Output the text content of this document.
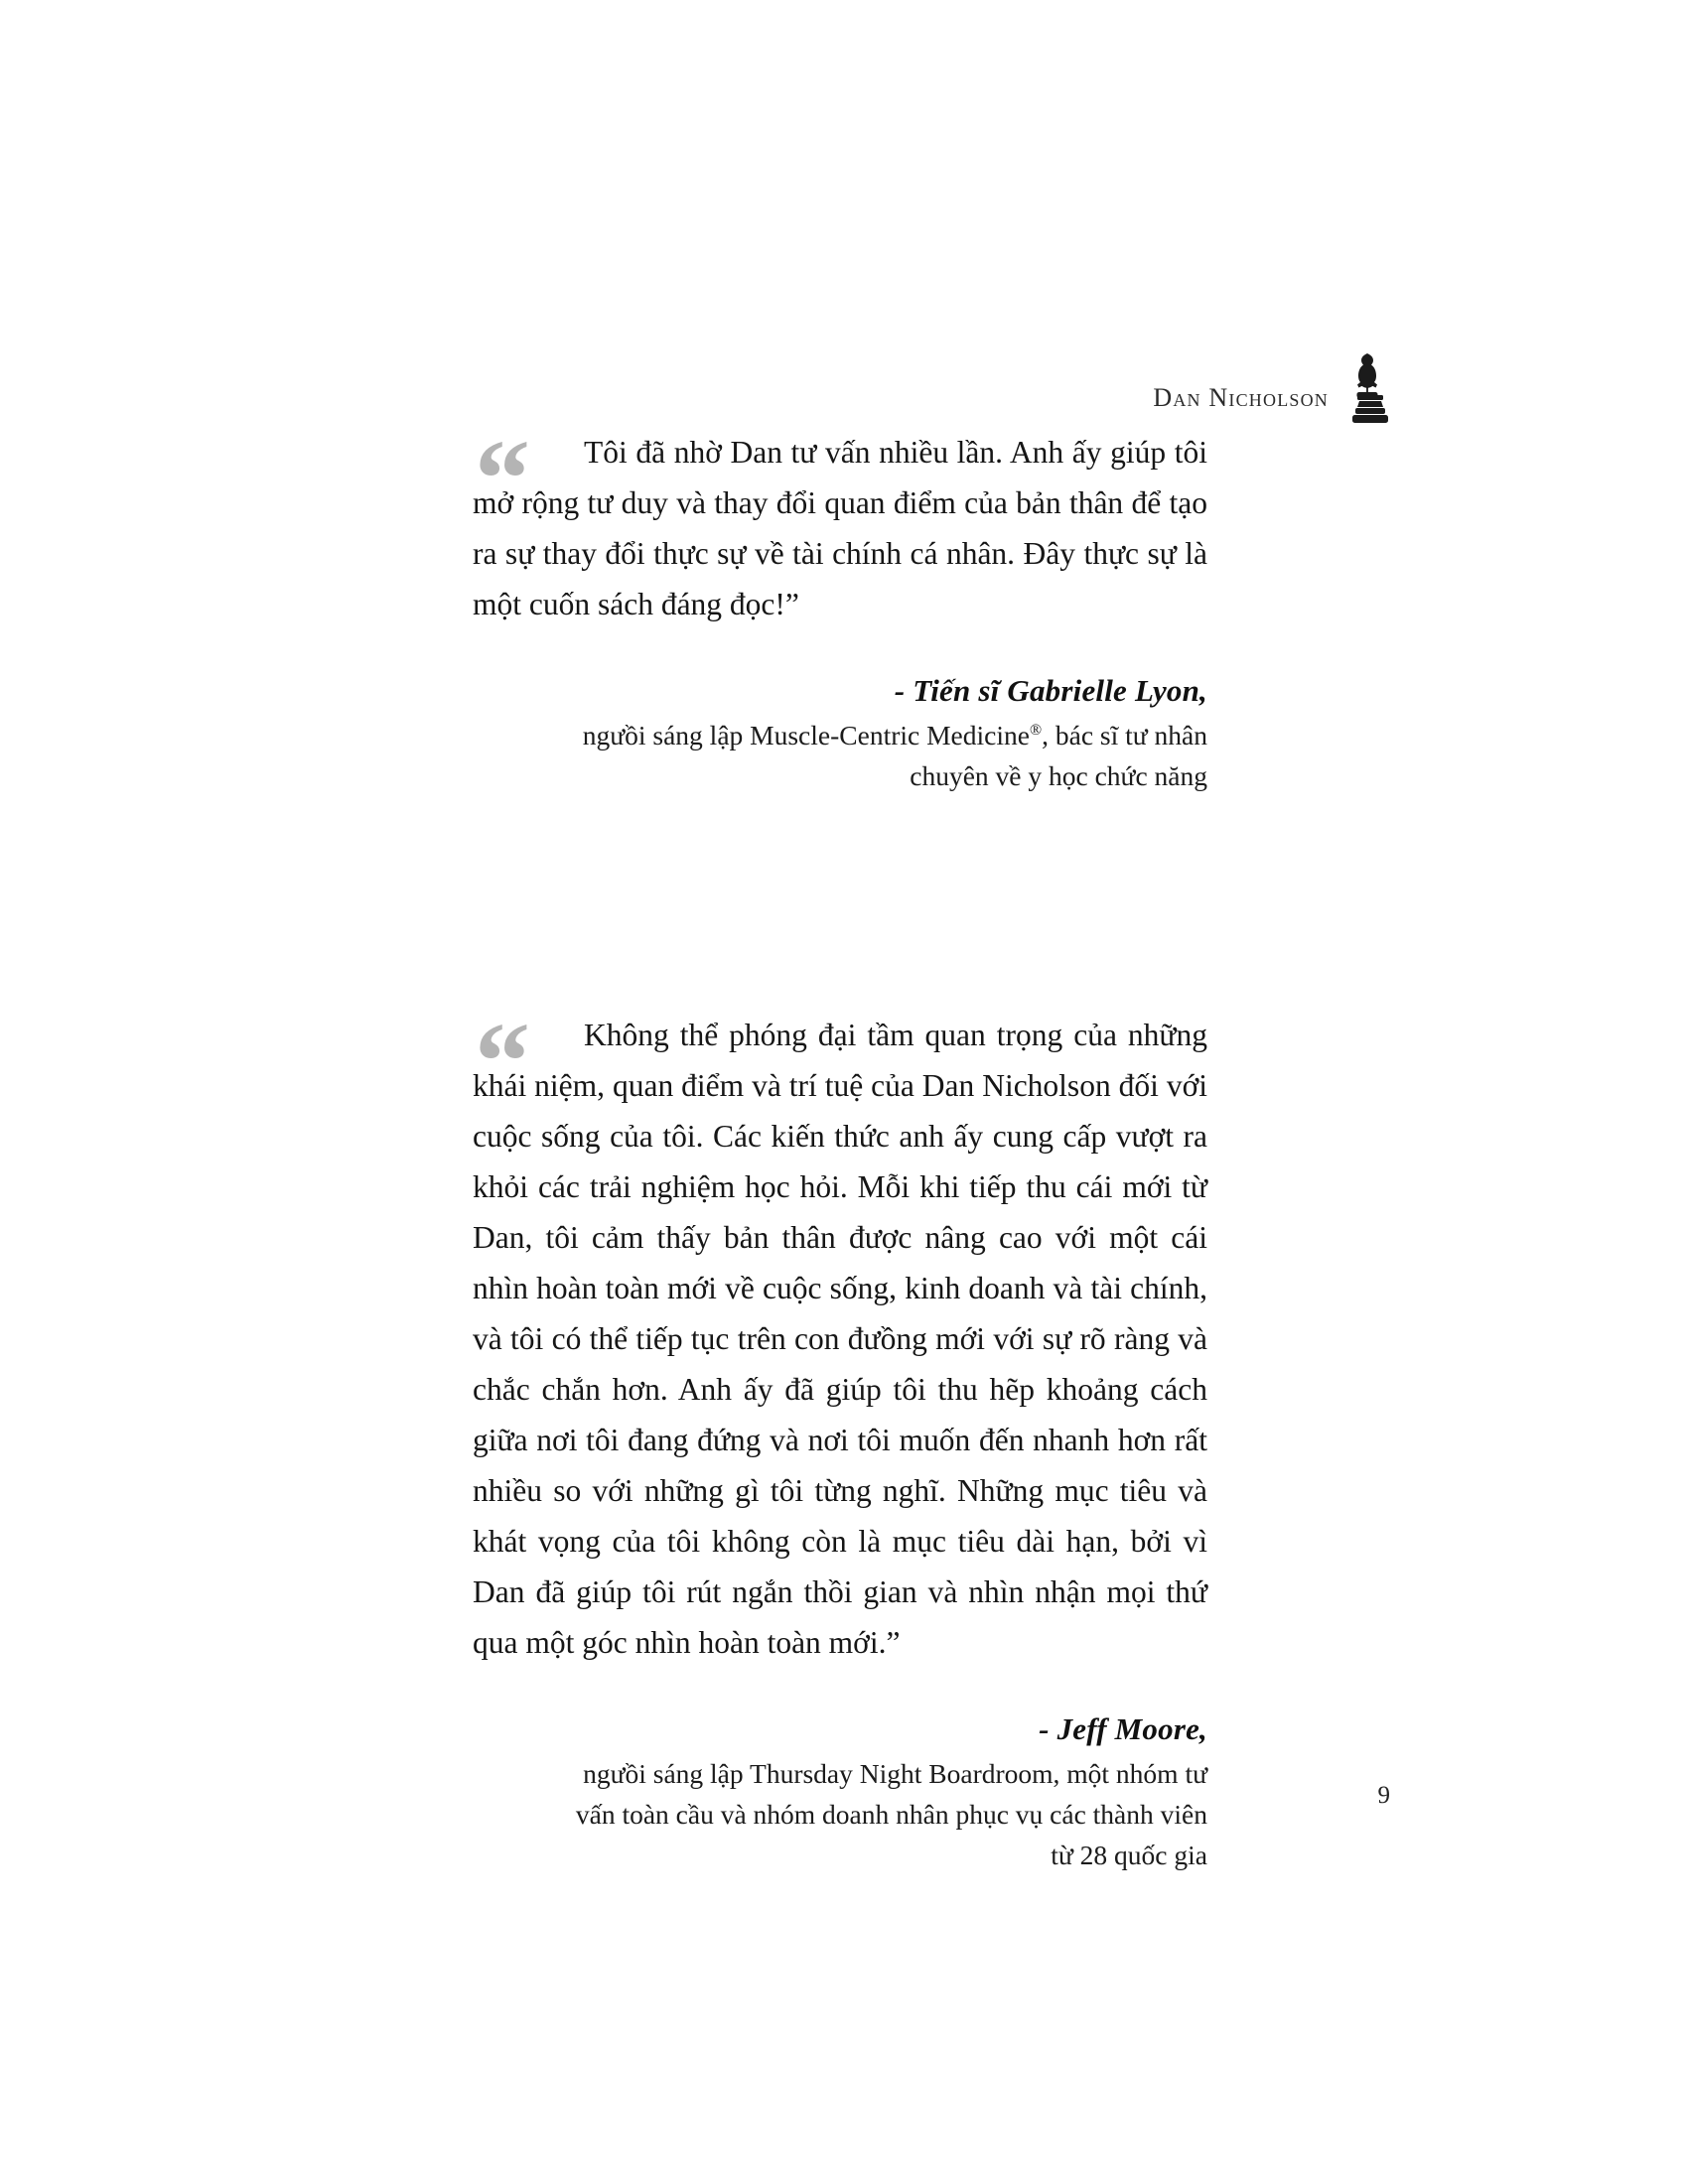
Dan Nicholson
“	Tôi đã nhờ Dan tư vấn nhiều lần. Anh ấy giúp tôi mở rộng tư duy và thay đổi quan điểm của bản thân để tạo ra sự thay đổi thực sự về tài chính cá nhân. Đây thực sự là một cuốn sách đáng đọc!”
- Tiến sĩ Gabrielle Lyon,
ngưồi sáng lập Muscle-Centric Medicine®, bác sĩ tư nhân
chuyên về y học chức năng
“	Không thể phóng đại tầm quan trọng của những khái niệm, quan điểm và trí tuệ của Dan Nicholson đối với cuộc sống của tôi. Các kiến thức anh ấy cung cấp vượt ra khỏi các trải nghiệm học hỏi. Mỗi khi tiếp thu cái mới từ Dan, tôi cảm thấy bản thân được nâng cao với một cái nhìn hoàn toàn mới về cuộc sống, kinh doanh và tài chính, và tôi có thể tiếp tục trên con đưồng mới với sự rõ ràng và chắc chắn hơn. Anh ấy đã giúp tôi thu hẽp khoảng cách giữa nơi tôi đang đứng và nơi tôi muốn đến nhanh hơn rất nhiều so với những gì tôi từng nghĩ. Những mục tiêu và khát vọng của tôi không còn là mục tiêu dài hạn, bởi vì Dan đã giúp tôi rút ngắn thồi gian và nhìn nhận mọi thứ qua một góc nhìn hoàn toàn mới.”
- Jeff Moore,
ngưồi sáng lập Thursday Night Boardroom, một nhóm tư
vấn toàn cầu và nhóm doanh nhân phục vụ các thành viên
từ 28 quốc gia
9
